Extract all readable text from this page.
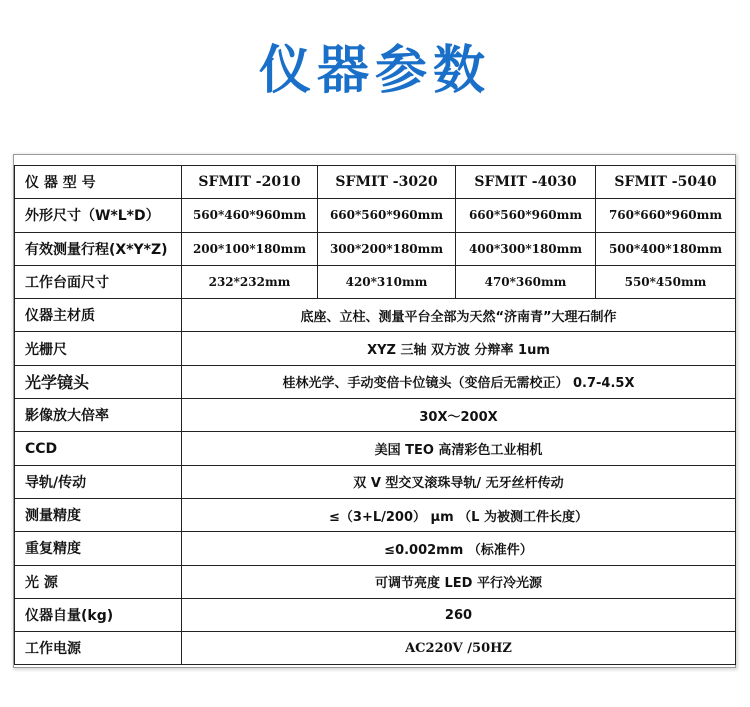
仪器参数
仪 器 型 号	SFMIT -2010	SFMIT -3020	SFMIT -4030	SFMIT -5040
外形尺寸（W*L*D）	560*460*960mm	660*560*960mm	660*560*960mm	760*660*960mm
有效测量行程(X*Y*Z)	200*100*180mm	300*200*180mm	400*300*180mm	500*400*180mm
工作台面尺寸	232*232mm	420*310mm	470*360mm	550*450mm
仪器主材质	底座、立柱、测量平台全部为天然“济南青”大理石制作			
光栅尺	XYZ 三轴 双方波 分辩率 1um			
光学镜头	桂林光学、手动变倍卡位镜头（变倍后无需校正） 0.7-4.5X			
影像放大倍率	30X～200X			
CCD	美国 TEO 高清彩色工业相机			
导轨/传动	双 V 型交叉滚珠导轨/ 无牙丝杆传动			
测量精度	≤（3+L/200） μm （L 为被测工件长度）			
重复精度	≤0.002mm （标准件）			
光 源	可调节亮度 LED 平行冷光源			
仪器自量(kg)	260			
工作电源	AC220V /50HZ			
